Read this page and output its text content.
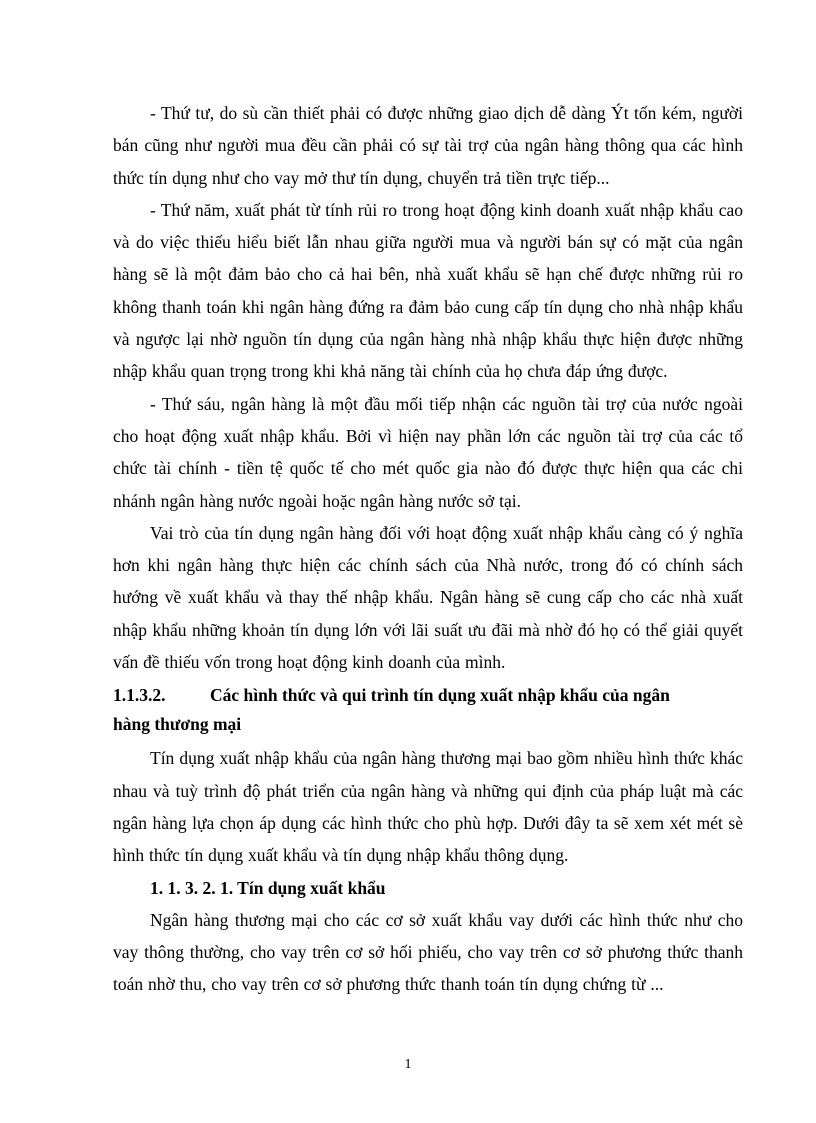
- Thứ tư, do sù cần thiết phải có được những giao dịch dễ dàng Ýt tốn kém, người bán cũng như người mua đều cần phải có sự tài trợ của ngân hàng thông qua các hình thức tín dụng như cho vay mở thư tín dụng, chuyển trả tiền trực tiếp...

- Thứ năm, xuất phát từ tính rủi ro trong hoạt động kinh doanh xuất nhập khẩu cao và do việc thiếu hiểu biết lẫn nhau giữa người mua và người bán sự có mặt của ngân hàng sẽ là một đảm bảo cho cả hai bên, nhà xuất khẩu sẽ hạn chế được những rủi ro không thanh toán khi ngân hàng đứng ra đảm bảo cung cấp tín dụng cho nhà nhập khẩu và ngược lại nhờ nguồn tín dụng của ngân hàng nhà nhập khẩu thực hiện được những nhập khẩu quan trọng trong khi khả năng tài chính của họ chưa đáp ứng được.

- Thứ sáu, ngân hàng là một đầu mối tiếp nhận các nguồn tài trợ của nước ngoài cho hoạt động xuất nhập khẩu. Bởi vì hiện nay phần lớn các nguồn tài trợ của các tổ chức tài chính - tiền tệ quốc tế cho mét quốc gia nào đó được thực hiện qua các chi nhánh ngân hàng nước ngoài hoặc ngân hàng nước sở tại.

Vai trò của tín dụng ngân hàng đối với hoạt động xuất nhập khẩu càng có ý nghĩa hơn khi ngân hàng thực hiện các chính sách của Nhà nước, trong đó có chính sách hướng về xuất khẩu và thay thế nhập khẩu. Ngân hàng sẽ cung cấp cho các nhà xuất nhập khẩu những khoản tín dụng lớn với lãi suất ưu đãi mà nhờ đó họ có thể giải quyết vấn đề thiếu vốn trong hoạt động kinh doanh của mình.

1.1.3.2.	Các hình thức và qui trình tín dụng xuất nhập khẩu của ngân

hàng thương mại

Tín dụng xuất nhập khẩu của ngân hàng thương mại bao gồm nhiều hình thức khác nhau và tuỳ trình độ phát triển của ngân hàng và những qui định của pháp luật mà các ngân hàng lựa chọn áp dụng các hình thức cho phù hợp. Dưới đây ta sẽ xem xét mét sè hình thức tín dụng xuất khẩu và tín dụng nhập khẩu thông dụng.

1. 1. 3. 2. 1. Tín dụng xuất khẩu

Ngân hàng thương mại cho các cơ sở xuất khẩu vay dưới các hình thức như cho vay thông thường, cho vay trên cơ sở hối phiếu, cho vay trên cơ sở phương thức thanh toán nhờ thu, cho vay trên cơ sở phương thức thanh toán tín dụng chứng từ ...

1
